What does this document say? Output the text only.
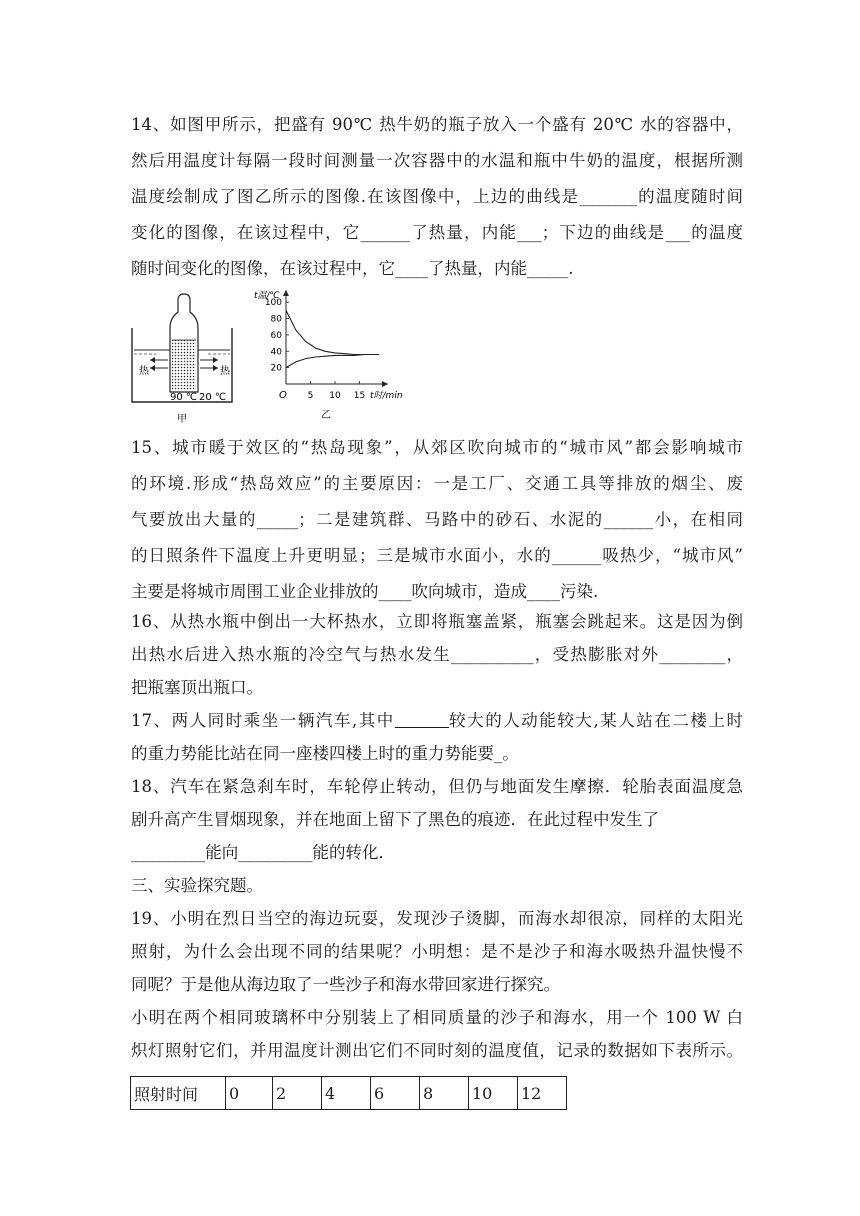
14、如图甲所示，把盛有 90℃ 热牛奶的瓶子放入一个盛有 20℃ 水的容器中，
然后用温度计每隔一段时间测量一次容器中的水温和瓶中牛奶的温度，根据所测
温度绘制成了图乙所示的图像.在该图像中，上边的曲线是_______的温度随时间
变化的图像，在该过程中，它______了热量，内能___；下边的曲线是___的温度
随时间变化的图像，在该过程中，它____了热量，内能_____.
热	热
90 ℃ 20 ℃
甲
t温/℃
t时/min
O
乙
100
80
60
40
20
5 10 15
15、城市暖于效区的“热岛现象”，从郊区吹向城市的“城市风”都会影响城市
的环境.形成“热岛效应”的主要原因：一是工厂、交通工具等排放的烟尘、废
气要放出大量的_____；二是建筑群、马路中的砂石、水泥的______小，在相同
的日照条件下温度上升更明显；三是城市水面小，水的______吸热少，“城市风”
主要是将城市周围工业企业排放的____吹向城市，造成____污染.
16、从热水瓶中倒出一大杯热水，立即将瓶塞盖紧，瓶塞会跳起来。这是因为倒
出热水后进入热水瓶的冷空气与热水发生__________，受热膨胀对外________，
把瓶塞顶出瓶口。
17、两人同时乘坐一辆汽车,其中	较大的人动能较大,某人站在二楼上时
的重力势能比站在同一座楼四楼上时的重力势能要_。
18、汽车在紧急刹车时，车轮停止转动，但仍与地面发生摩擦．轮胎表面温度急
剧升高产生冒烟现象，并在地面上留下了黑色的痕迹．在此过程中发生了
_________能向_________能的转化．
三、实验探究题。
19、小明在烈日当空的海边玩耍，发现沙子烫脚，而海水却很凉，同样的太阳光
照射，为什么会出现不同的结果呢？小明想：是不是沙子和海水吸热升温快慢不
同呢？于是他从海边取了一些沙子和海水带回家进行探究。
小明在两个相同玻璃杯中分别装上了相同质量的沙子和海水，用一个 100 W 白
炽灯照射它们，并用温度计测出它们不同时刻的温度值，记录的数据如下表所示。
照射时间	0	2	4	6	8	10	12
